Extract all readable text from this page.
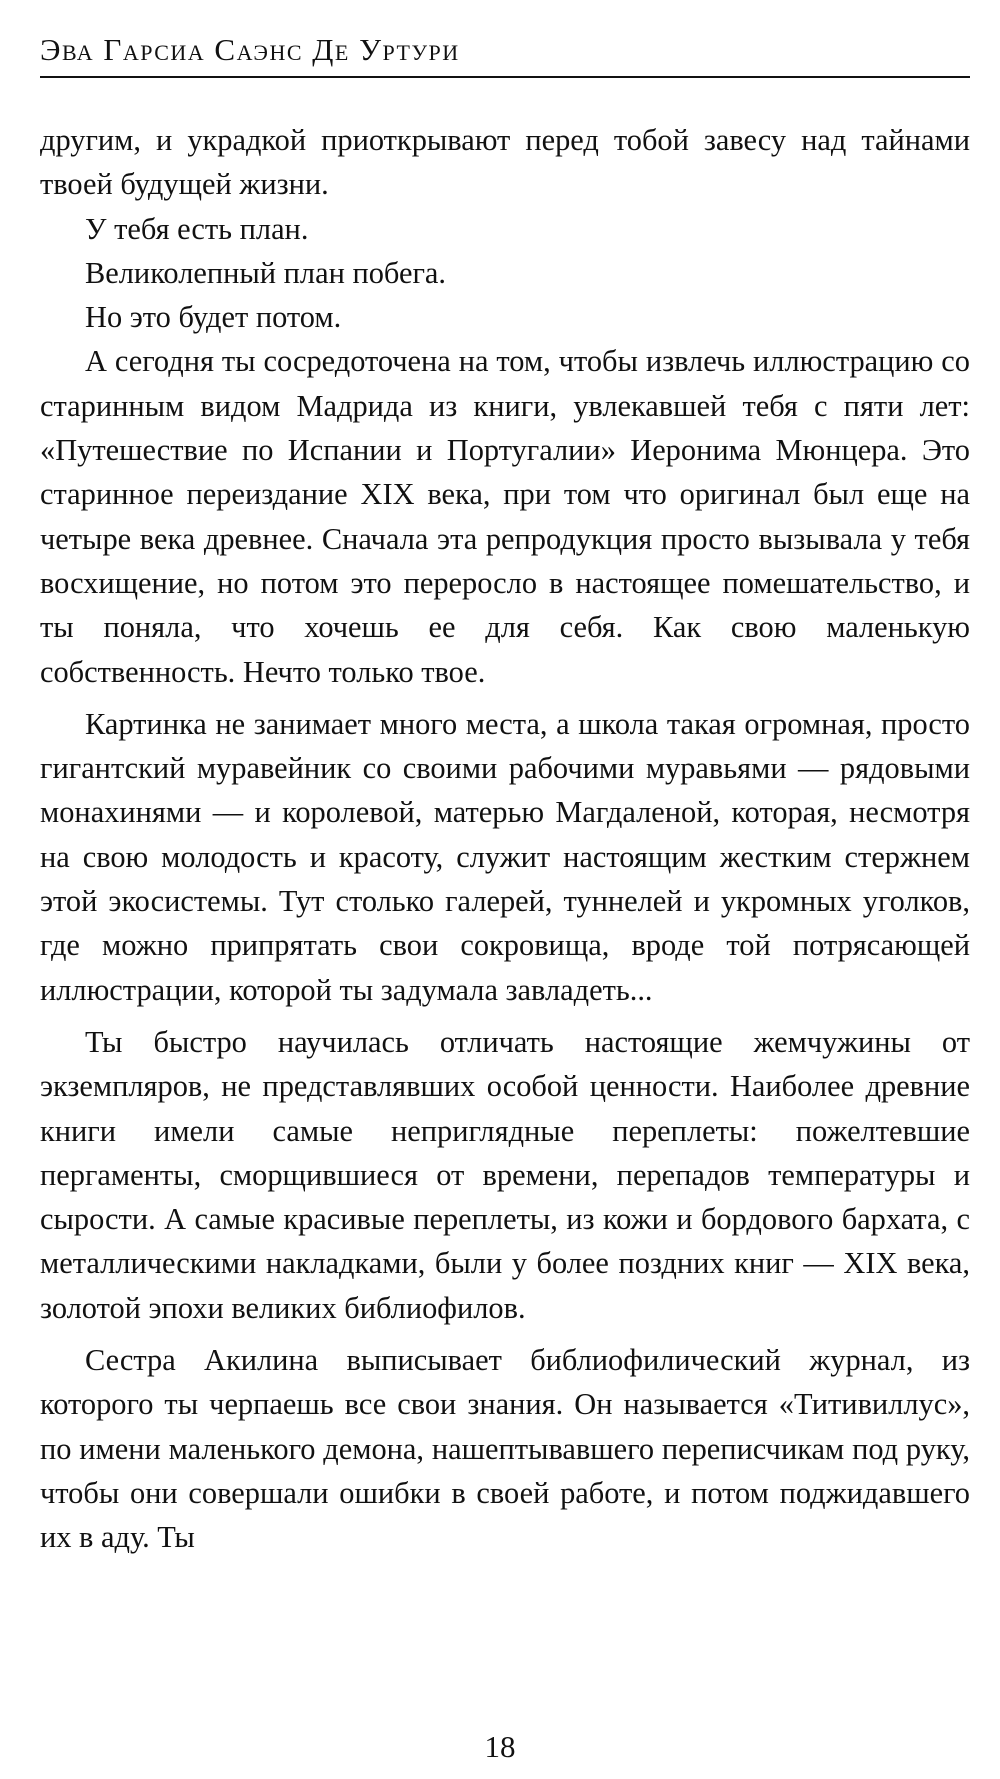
Эва Гарсиа Саэнс Де Уртури

другим, и украдкой приоткрывают перед тобой завесу над тайнами твоей будущей жизни.

У тебя есть план.

Великолепный план побега.

Но это будет потом.

А сегодня ты сосредоточена на том, чтобы извлечь иллюстрацию со старинным видом Мадрида из книги, увлекавшей тебя с пяти лет: «Путешествие по Испании и Португалии» Иеронима Мюнцера. Это старинное переиздание XIX века, при том что оригинал был еще на четыре века древнее. Сначала эта репродукция просто вызывала у тебя восхищение, но потом это переросло в настоящее помешательство, и ты поняла, что хочешь ее для себя. Как свою маленькую собственность. Нечто только твое.

Картинка не занимает много места, а школа такая огромная, просто гигантский муравейник со своими рабочими муравьями — рядовыми монахинями — и королевой, матерью Магдаленой, которая, несмотря на свою молодость и красоту, служит настоящим жестким стержнем этой экосистемы. Тут столько галерей, туннелей и укромных уголков, где можно припрятать свои сокровища, вроде той потрясающей иллюстрации, которой ты задумала завладеть...

Ты быстро научилась отличать настоящие жемчужины от экземпляров, не представлявших особой ценности. Наиболее древние книги имели самые неприглядные переплеты: пожелтевшие пергаменты, сморщившиеся от времени, перепадов температуры и сырости. А самые красивые переплеты, из кожи и бордового бархата, с металлическими накладками, были у более поздних книг — XIX века, золотой эпохи великих библиофилов.

Сестра Акилина выписывает библиофилический журнал, из которого ты черпаешь все свои знания. Он называется «Титивиллус», по имени маленького демона, нашептывавшего переписчикам под руку, чтобы они совершали ошибки в своей работе, и потом поджидавшего их в аду. Ты

18
